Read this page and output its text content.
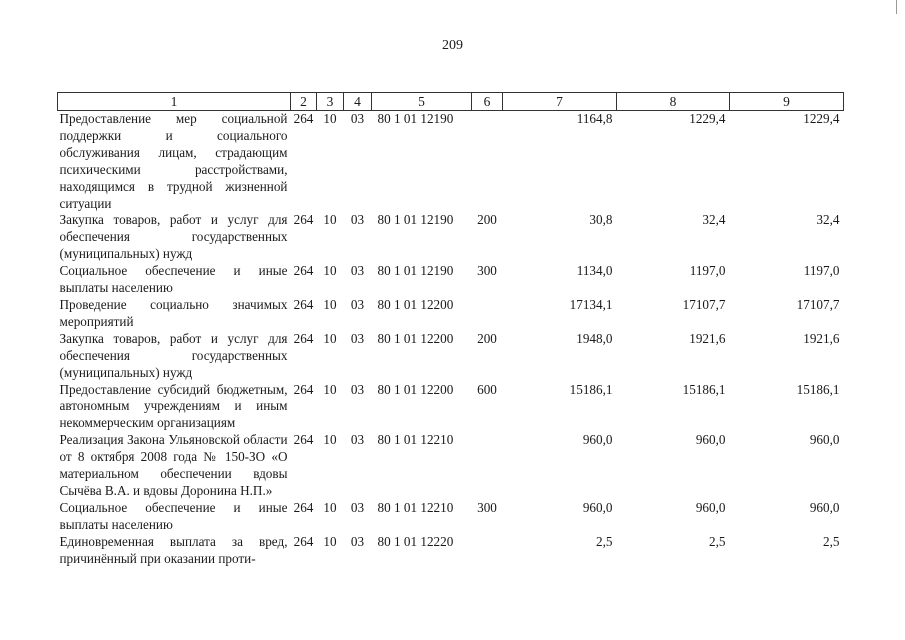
209
1	2	3	4	5	6	7	8	9
Предоставление мер социальной поддержки и социального обслуживания лицам, страдающим психическими расстройствами, находящимся в трудной жизненной ситуации	264	10	03	80 1 01 12190		1164,8	1229,4	1229,4
Закупка товаров, работ и услуг для обеспечения государственных (муниципальных) нужд	264	10	03	80 1 01 12190	200	30,8	32,4	32,4
Социальное обеспечение и иные выплаты населению	264	10	03	80 1 01 12190	300	1134,0	1197,0	1197,0
Проведение социально значимых мероприятий	264	10	03	80 1 01 12200		17134,1	17107,7	17107,7
Закупка товаров, работ и услуг для обеспечения государственных (муниципальных) нужд	264	10	03	80 1 01 12200	200	1948,0	1921,6	1921,6
Предоставление субсидий бюджетным, автономным учреждениям и иным некоммерческим организациям	264	10	03	80 1 01 12200	600	15186,1	15186,1	15186,1
Реализация Закона Ульяновской области от 8 октября 2008 года № 150-ЗО «О материальном обеспечении вдовы Сычёва В.А. и вдовы Доронина Н.П.»	264	10	03	80 1 01 12210		960,0	960,0	960,0
Социальное обеспечение и иные выплаты населению	264	10	03	80 1 01 12210	300	960,0	960,0	960,0
Единовременная выплата за вред, причинённый при оказании проти-	264	10	03	80 1 01 12220		2,5	2,5	2,5
